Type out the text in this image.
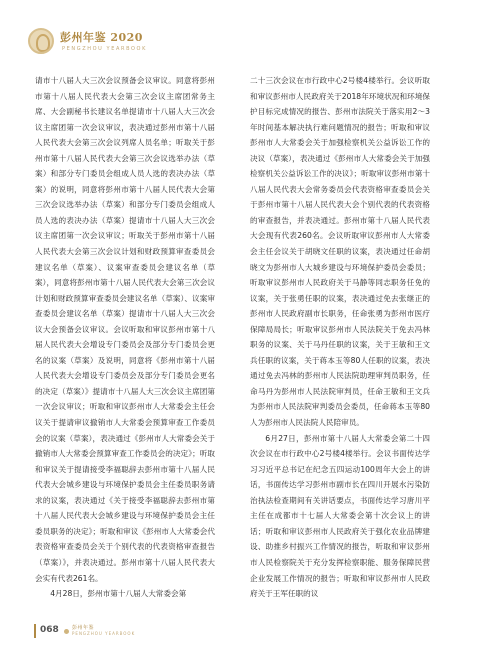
彭州年鉴 2020
PENGZHOU YEARBOOK

请市十八届人大三次会议预备会议审议。同意将彭州市第十八届人民代表大会第三次会议主席团常务主席、大会副秘书长建议名单提请市十八届人大三次会议主席团第一次会议审议，表决通过彭州市第十八届人民代表大会第三次会议列席人员名单；听取关于彭州市第十八届人民代表大会第三次会议选举办法（草案）和部分专门委员会组成人员人选的表决办法（草案）的说明，同意将彭州市第十八届人民代表大会第三次会议选举办法（草案）和部分专门委员会组成人员人选的表决办法（草案）提请市十八届人大三次会议主席团第一次会议审议；听取关于彭州市第十八届人民代表大会第三次会议计划和财政预算审查委员会建议名单（草案）、议案审查委员会建议名单（草案），同意将彭州市第十八届人民代表大会第三次会议计划和财政预算审查委员会建议名单（草案）、议案审查委员会建议名单（草案）提请市十八届人大三次会议大会预备会议审议。会议听取和审议彭州市第十八届人民代表大会增设专门委员会及部分专门委员会更名的议案（草案）及说明，同意将《彭州市第十八届人民代表大会增设专门委员会及部分专门委员会更名的决定（草案）》提请市十八届人大三次会议主席团第一次会议审议；听取和审议彭州市人大常委会主任会议关于提请审议撤销市人大常委会预算审查工作委员会的议案（草案），表决通过《彭州市人大常委会关于撤销市人大常委会预算审查工作委员会的决定》；听取和审议关于提请接受李福聪辞去彭州市第十八届人民代表大会城乡建设与环境保护委员会主任委员职务请求的议案，表决通过《关于接受李福聪辞去彭州市第十八届人民代表大会城乡建设与环境保护委员会主任委员职务的决定》；听取和审议《彭州市人大常委会代表资格审查委员会关于个别代表的代表资格审查报告（草案）》，并表决通过。彭州市第十八届人民代表大会实有代表261名。

4月28日，彭州市第十八届人大常委会第

二十三次会议在市行政中心2号楼4楼举行。会议听取和审议彭州市人民政府关于2018年环境状况和环境保护目标完成情况的报告、彭州市法院关于落实用2～3年时间基本解决执行难问题情况的报告；听取和审议彭州市人大常委会关于加强检察机关公益诉讼工作的决议（草案），表决通过《彭州市人大常委会关于加强检察机关公益诉讼工作的决议》；听取审议彭州市第十八届人民代表大会常务委员会代表资格审查委员会关于彭州市第十八届人民代表大会个别代表的代表资格的审查报告，并表决通过。彭州市第十八届人民代表大会现有代表260名。会议听取审议彭州市人大常委会主任会议关于胡晓文任职的议案，表决通过任命胡晓文为彭州市人大城乡建设与环境保护委员会委员；听取审议彭州市人民政府关于马静等同志职务任免的议案，关于张勇任职的议案，表决通过免去张继正的彭州市人民政府副市长职务，任命张勇为彭州市医疗保障局局长；听取审议彭州市人民法院关于免去冯林职务的议案、关于马丹任职的议案，关于王敏和王文兵任职的议案，关于蒋本玉等80人任职的议案，表决通过免去冯林的彭州市人民法院助理审判员职务，任命马丹为彭州市人民法院审判员，任命王敏和王文兵为彭州市人民法院审判委员会委员，任命蒋本玉等80人为彭州市人民法院人民陪审员。

6月27日，彭州市第十八届人大常委会第二十四次会议在市行政中心2号楼4楼举行。会议书面传达学习习近平总书记在纪念五四运动100周年大会上的讲话，书面传达学习彭州市副市长在四川开展水污染防治执法检查期间有关讲话要点，书面传达学习唐川平主任在成都市十七届人大常委会第十次会议上的讲话；听取和审议彭州市人民政府关于强化农业品牌建设、助推乡村振兴工作情况的报告，听取和审议彭州市人民检察院关于充分发挥检察职能、服务保障民营企业发展工作情况的报告；听取和审议彭州市人民政府关于王军任职的议

068	彭州年鉴
PENGZHOU YEARBOOK
